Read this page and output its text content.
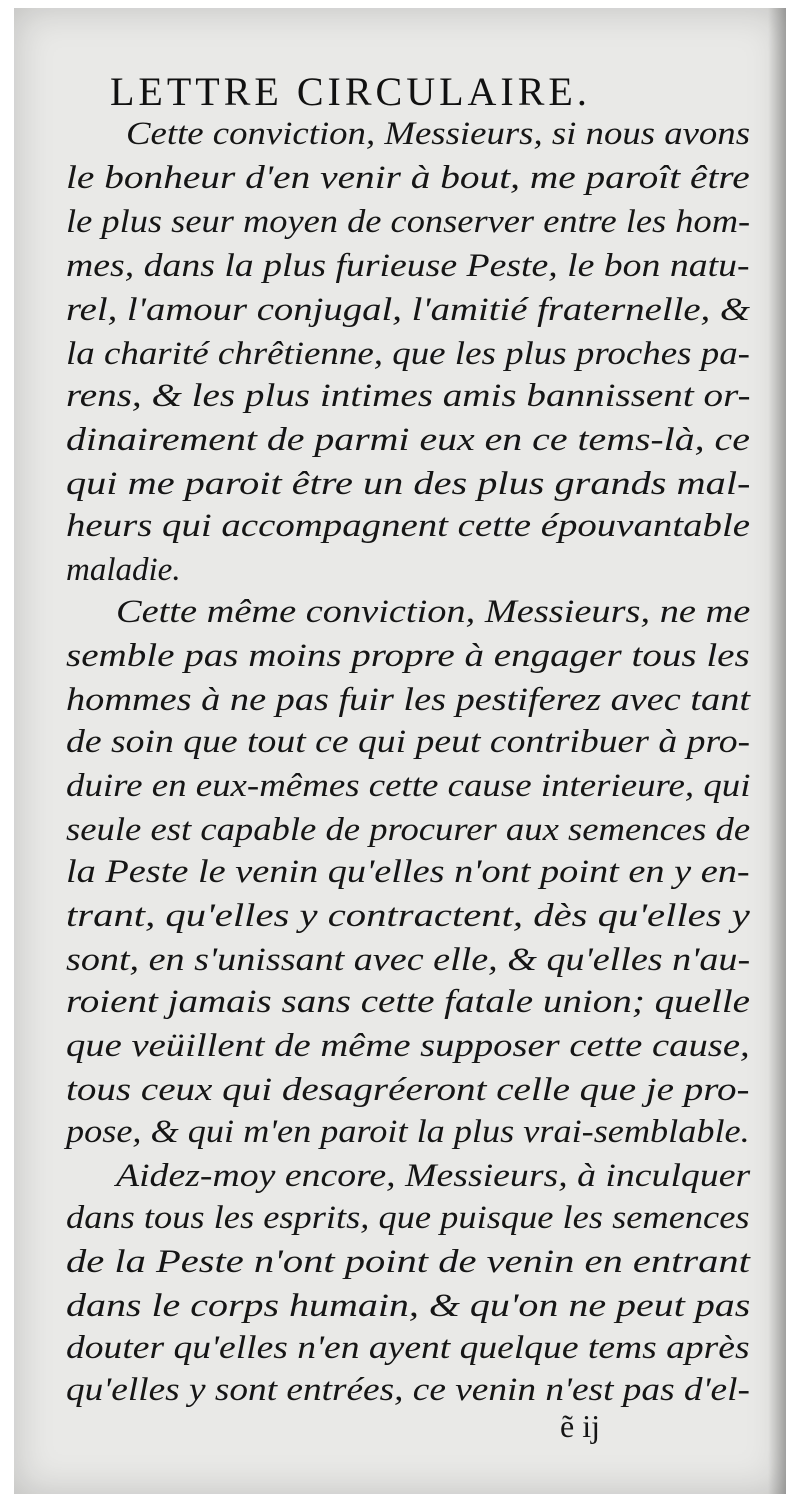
LETTRE CIRCULAIRE.
Cette conviction, Messieurs, si nous avons
le bonheur d'en venir à bout, me paroît être
le plus seur moyen de conserver entre les hom-
mes, dans la plus furieuse Peste, le bon natu-
rel, l'amour conjugal, l'amitié fraternelle, &
la charité chrêtienne, que les plus proches pa-
rens, & les plus intimes amis bannissent or-
dinairement de parmi eux en ce tems-là, ce
qui me paroit être un des plus grands mal-
heurs qui accompagnent cette épouvantable
maladie.
Cette même conviction, Messieurs, ne me
semble pas moins propre à engager tous les
hommes à ne pas fuir les pestiferez avec tant
de soin que tout ce qui peut contribuer à pro-
duire en eux-mêmes cette cause interieure, qui
seule est capable de procurer aux semences de
la Peste le venin qu'elles n'ont point en y en-
trant, qu'elles y contractent, dès qu'elles y
sont, en s'unissant avec elle, & qu'elles n'au-
roient jamais sans cette fatale union; quelle
que veüillent de même supposer cette cause,
tous ceux qui desagréeront celle que je pro-
pose, & qui m'en paroit la plus vrai-semblable.
Aidez-moy encore, Messieurs, à inculquer
dans tous les esprits, que puisque les semences
de la Peste n'ont point de venin en entrant
dans le corps humain, & qu'on ne peut pas
douter qu'elles n'en ayent quelque tems après
qu'elles y sont entrées, ce venin n'est pas d'el-
ẽ ij
